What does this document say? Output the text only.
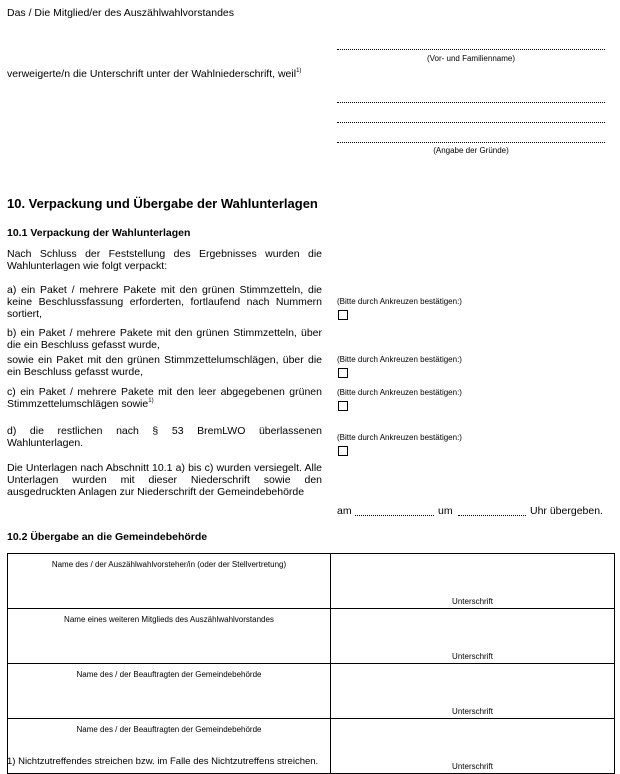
Das / Die Mitglied/er des Auszählwahlvorstandes
(Vor- und Familienname)
verweigerte/n die Unterschrift unter der Wahlniederschrift, weil$^{1)}$
(Angabe der Gründe)
10. Verpackung und Übergabe der Wahlunterlagen
10.1 Verpackung der Wahlunterlagen
Nach Schluss der Feststellung des Ergebnisses wurden die Wahlunterlagen wie folgt verpackt:
a) ein Paket / mehrere Pakete mit den grünen Stimmzetteln, die keine Beschlussfassung erforderten, fortlaufend nach Nummern sortiert,
(Bitte durch Ankreuzen bestätigen:)
b) ein Paket / mehrere Pakete mit den grünen Stimmzetteln, über die ein Beschluss gefasst wurde,
sowie ein Paket mit den grünen Stimmzettelumschlägen, über die ein Beschluss gefasst wurde,
(Bitte durch Ankreuzen bestätigen:)
c) ein Paket / mehrere Pakete mit den leer abgegebenen grünen Stimmzettelumschlägen sowie$^{1)}$
(Bitte durch Ankreuzen bestätigen:)
d) die restlichen nach § 53 BremLWO überlassenen Wahlunterlagen.	(Bitte durch Ankreuzen bestätigen:)
Die Unterlagen nach Abschnitt 10.1 a) bis c) wurden versiegelt. Alle Unterlagen wurden mit dieser Niederschrift sowie den ausgedruckten Anlagen zur Niederschrift der Gemeindebehörde
am	um	Uhr übergeben.
10.2 Übergabe an die Gemeindebehörde
Name des / der Auszählwahlvorsteher/in (oder der Stellvertretung)	Unterschrift
Name eines weiteren Mitglieds des Auszählwahlvorstandes	Unterschrift
Name des / der Beauftragten der Gemeindebehörde	Unterschrift
Name des / der Beauftragten der Gemeindebehörde	Unterschrift
1) Nichtzutreffendes streichen bzw. im Falle des Nichtzutreffens streichen.
